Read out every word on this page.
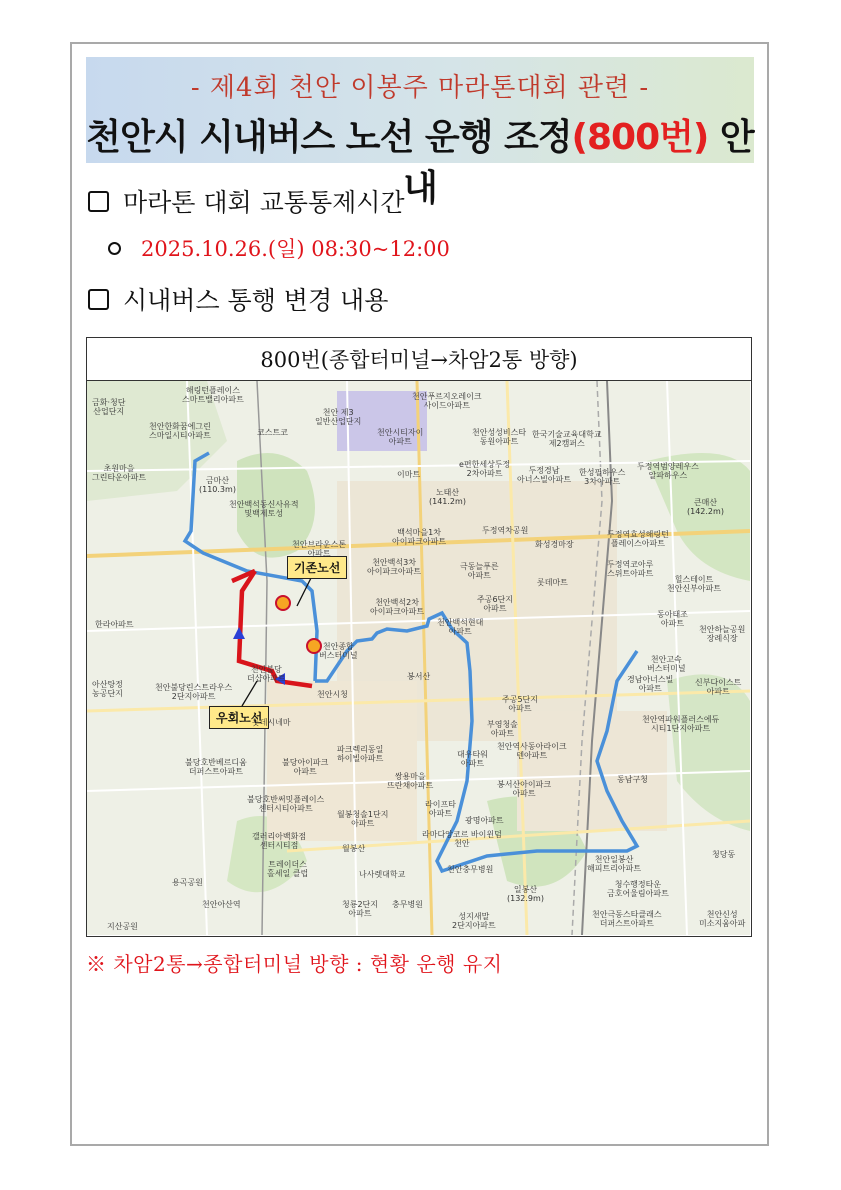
- 제4회 천안 이봉주 마라톤대회 관련 -
천안시 시내버스 노선 운행 조정(800번) 안내
마라톤 대회 교통통제시간
2025.10.26.(일) 08:30~12:00
시내버스 통행 변경 내용
800번(종합터미널→차암2통 방향)
기존노선
우회노선
해링턴플레이스
스마트밸리아파트
천안 제3
일반산업단지
천안푸르지오레이크
사이드아파트
금화·청단
산업단지
천안한화꿈에그린
스마일시티아파트	코스트코	천안시티자이
아파트
천안성성비스타
동원아파트
한국기술교육대학교
제2캠퍼스
초원마을
그린타운아파트	금마산
(110.3m)
이마트
e편한세상두정
2차아파트	두정경남
아너스빌아파트
한성필하우스
3차아파트
두정역범양레우스
알파하우스
노태산
(141.2m)
천안백석동신사유적
및백제토성
백석마을1차
아이파크아파트
두정역차공원
천안브라운스톤
아파트
두정역효성해링턴
플레이스아파트
큰매산
(142.2m)
화성경마장
천안백석3차
아이파크아파트
극동늘푸른
아파트
두정역코아루
스위트아파트
힐스테이트
천안신부아파트
롯데마트
주공6단지
아파트
천안백석2차
아이파크아파트
한라아파트	천안백석현대
아파트
동아태조
아파트
천안하늘공원
장례식장
천안종합
버스터미널
봉서산
천안고속
버스터미널
아산탕정
농공단지
천안불당린스트라우스
2단지아파트
천안불당
더샵아파트
천안시청
주공5단지
아파트
경남아너스빌
아파트
신부다이스트
아파트
롯데시네마	부영청솔
아파트
천안역사동아라이크
텐아파트
천안역파워플러스에듀
시티1단지아파트
불당호반베르디움
더퍼스트아파트
불당아이파크
아파트
파크렉리동일
하이빌아파트	대우타워
아파트
쌍용마을
뜨란채아파트	봉서산아이파크
아파트
동남구청
불당호반써밋플레이스
센터시티아파트
월봉청솔1단지
아파트
라이프타
아파트
광명아파트
갤러리아백화점
센터시티점	월봉산
라마다앙코르 바이윈덤
천안
천안일봉산
해피트리아파트
트레이더스
홀세일 클럽	나사렛대학교
천안충무병원
용곡공원
일봉산
(132.9m)
청수행정타운
금호어울림아파트
천안아산역	청룡2단지
아파트	성지새말
2단지아파트
천안극동스타클래스
더퍼스트아파트
천안신성
미소지움아파
지산공원
충무병원
청당동
※ 차암2통→종합터미널 방향 : 현황 운행 유지
